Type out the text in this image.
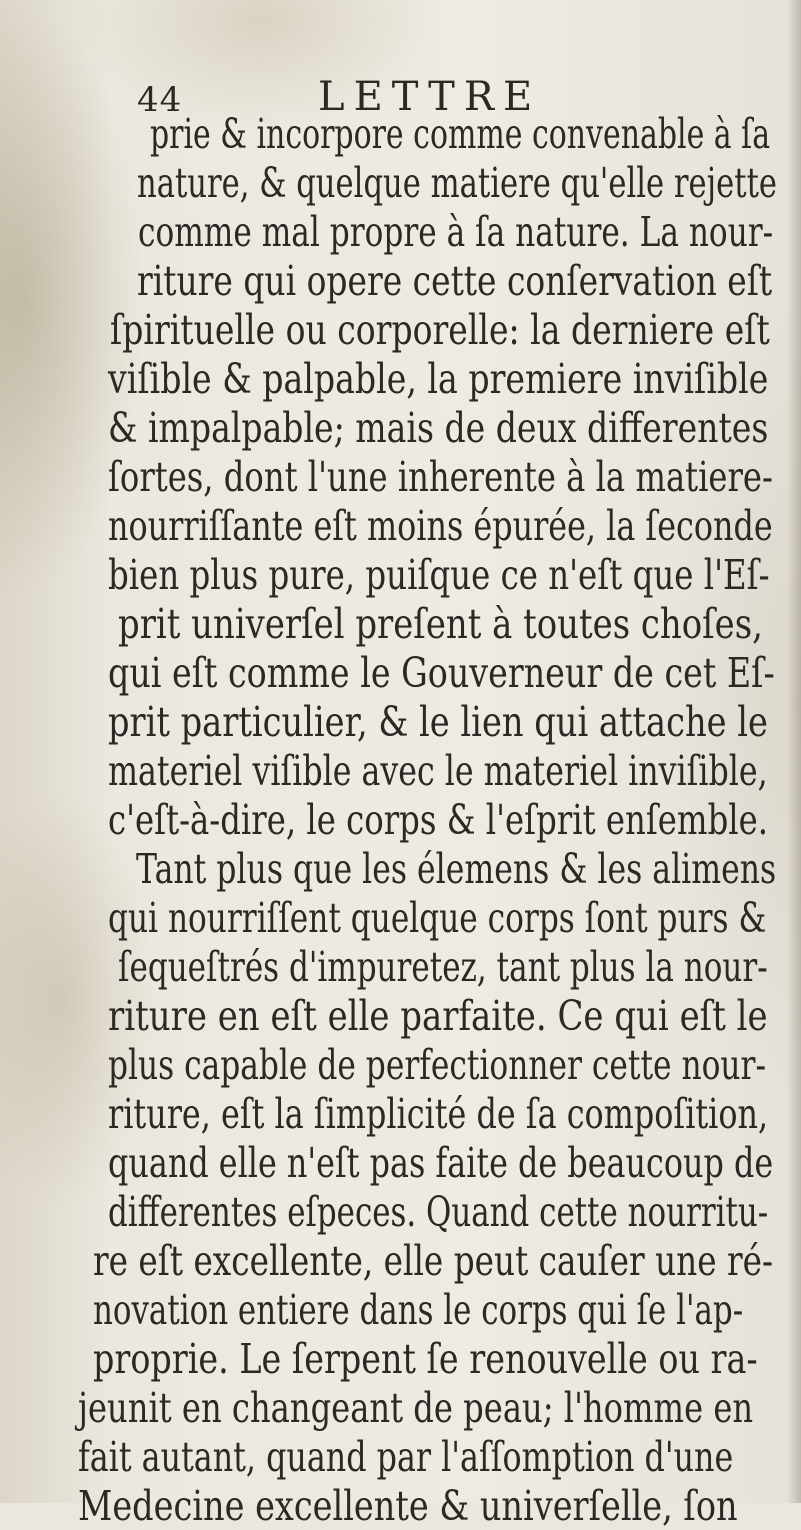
44	LETTRE
prie & incorpore comme convenable à ſa
nature, & quelque matiere qu'elle rejette
comme mal propre à ſa nature. La nour-
riture qui opere cette conſervation eſt
ſpirituelle ou corporelle: la derniere eſt
viſible & palpable, la premiere inviſible
& impalpable; mais de deux differentes
ſortes, dont l'une inherente à la matiere-
nourriſſante eſt moins épurée, la ſeconde
bien plus pure, puiſque ce n'eſt que l'Eſ-
prit univerſel preſent à toutes choſes,
qui eſt comme le Gouverneur de cet Eſ-
prit particulier, & le lien qui attache le
materiel viſible avec le materiel inviſible,
c'eſt-à-dire, le corps & l'eſprit enſemble.
Tant plus que les élemens & les alimens
qui nourriſſent quelque corps ſont purs &
ſequeſtrés d'impuretez, tant plus la nour-
riture en eſt elle parfaite. Ce qui eſt le
plus capable de perfectionner cette nour-
riture, eſt la ſimplicité de ſa compoſition,
quand elle n'eſt pas faite de beaucoup de
differentes eſpeces. Quand cette nourritu-
re eſt excellente, elle peut cauſer une ré-
novation entiere dans le corps qui ſe l'ap-
proprie. Le ſerpent ſe renouvelle ou ra-
jeunit en changeant de peau; l'homme en
fait autant, quand par l'aſſomption d'une
Medecine excellente & univerſelle, ſon
